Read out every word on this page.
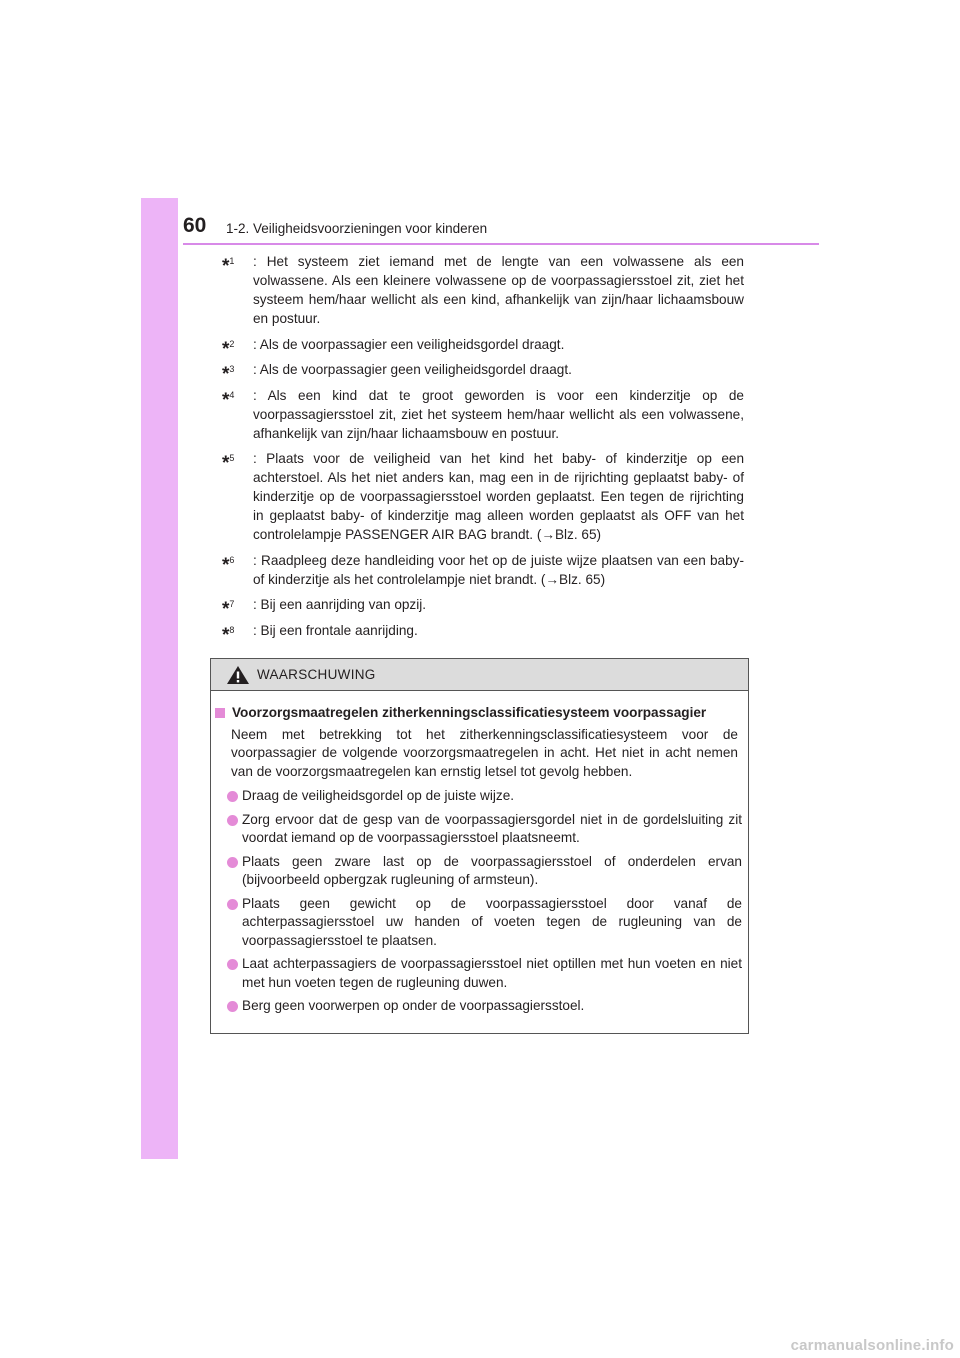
60 1-2. Veiligheidsvoorzieningen voor kinderen
*$^1$ : Het systeem ziet iemand met de lengte van een volwassene als een volwassene. Als een kleinere volwassene op de voorpassagiersstoel zit, ziet het systeem hem/haar wellicht als een kind, afhankelijk van zijn/haar lichaamsbouw en postuur.
*$^2$ : Als de voorpassagier een veiligheidsgordel draagt.
*$^3$ : Als de voorpassagier geen veiligheidsgordel draagt.
*$^4$ : Als een kind dat te groot geworden is voor een kinderzitje op de voorpassagiersstoel zit, ziet het systeem hem/haar wellicht als een volwassene, afhankelijk van zijn/haar lichaamsbouw en postuur.
*$^5$ : Plaats voor de veiligheid van het kind het baby- of kinderzitje op een achterstoel. Als het niet anders kan, mag een in de rijrichting geplaatst baby- of kinderzitje op de voorpassagiersstoel worden geplaatst. Een tegen de rijrichting in geplaatst baby- of kinderzitje mag alleen worden geplaatst als OFF van het controlelampje PASSENGER AIR BAG brandt. (→Blz. 65)
*$^6$ : Raadpleeg deze handleiding voor het op de juiste wijze plaatsen van een baby- of kinderzitje als het controlelampje niet brandt. (→Blz. 65)
*$^7$ : Bij een aanrijding van opzij.
*$^8$ : Bij een frontale aanrijding.
WAARSCHUWING
Voorzorgsmaatregelen zitherkenningsclassificatiesysteem voorpassagier
Neem met betrekking tot het zitherkenningsclassificatiesysteem voor de voorpassagier de volgende voorzorgsmaatregelen in acht. Het niet in acht nemen van de voorzorgsmaatregelen kan ernstig letsel tot gevolg hebben.
Draag de veiligheidsgordel op de juiste wijze.
Zorg ervoor dat de gesp van de voorpassagiersgordel niet in de gordelsluiting zit voordat iemand op de voorpassagiersstoel plaatsneemt.
Plaats geen zware last op de voorpassagiersstoel of onderdelen ervan (bijvoorbeeld opbergzak rugleuning of armsteun).
Plaats geen gewicht op de voorpassagiersstoel door vanaf de achterpassagiersstoel uw handen of voeten tegen de rugleuning van de voorpassagiersstoel te plaatsen.
Laat achterpassagiers de voorpassagiersstoel niet optillen met hun voeten en niet met hun voeten tegen de rugleuning duwen.
Berg geen voorwerpen op onder de voorpassagiersstoel.
carmanualsonline.info
